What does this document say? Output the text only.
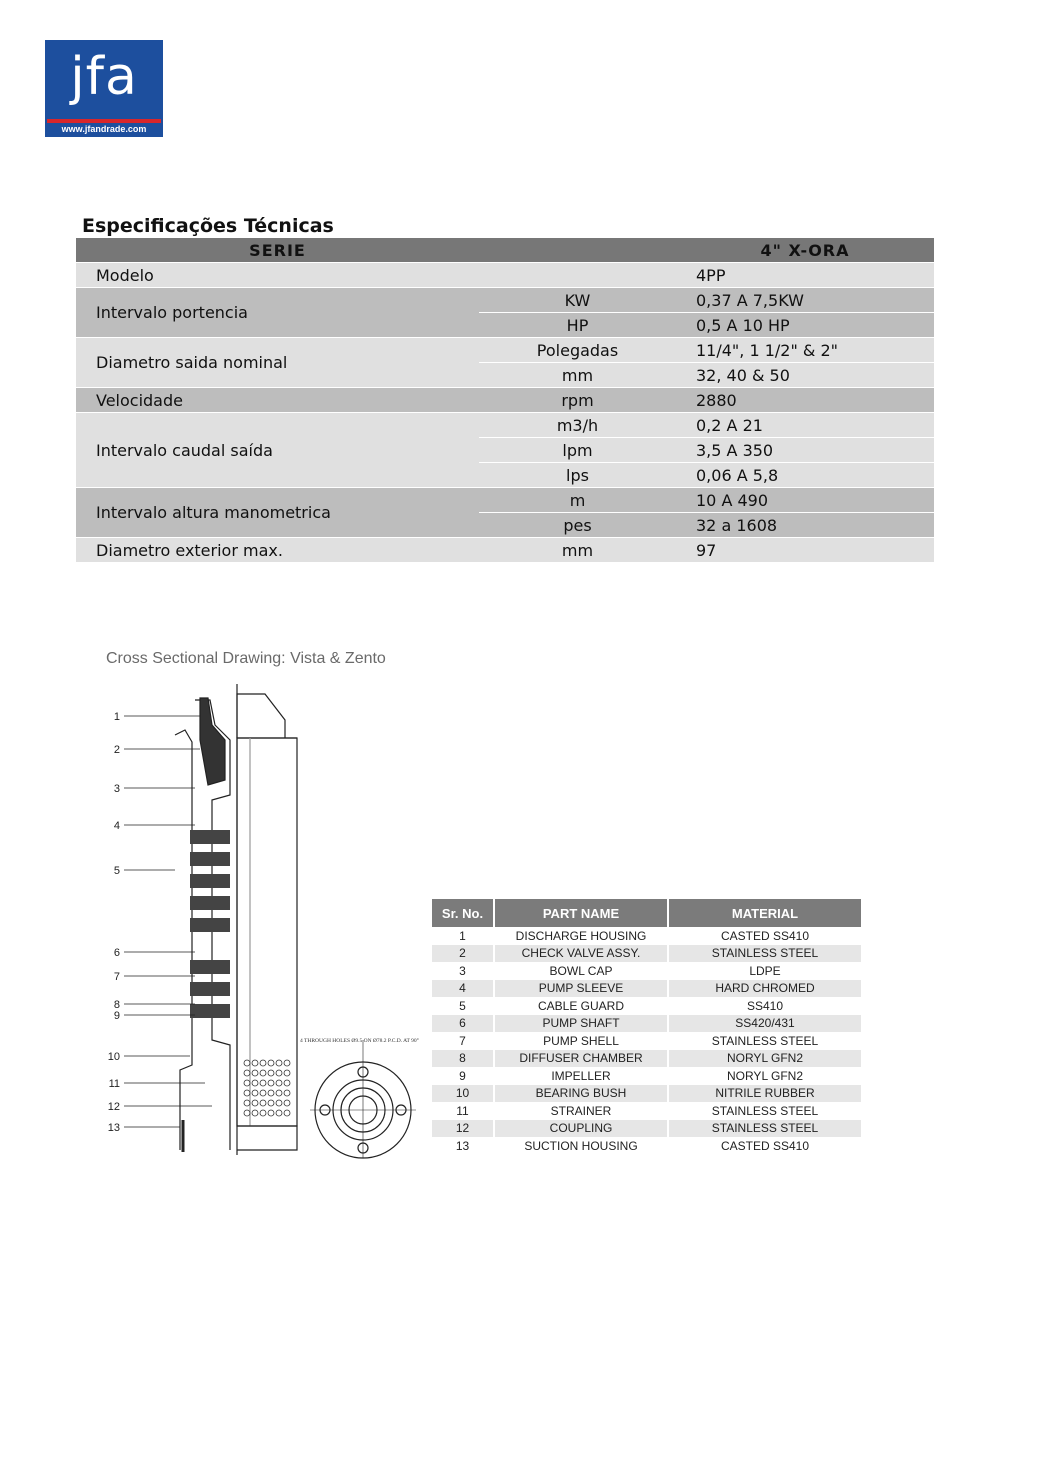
jfa
www.jfandrade.com
Especificações Técnicas
SERIE		4" X-ORA
Modelo		4PP
Intervalo portencia	KW	0,37 A 7,5KW
	HP	0,5 A 10 HP
Diametro saida nominal	Polegadas	11/4", 1 1/2" & 2"
	mm	32, 40 & 50
Velocidade	rpm	2880
Intervalo caudal saída	m3/h	0,2 A 21
	lpm	3,5 A 350
	lps	0,06 A 5,8
Intervalo altura manometrica	m	10 A 490
	pes	32 a 1608
Diametro exterior max.	mm	97
Cross Sectional Drawing: Vista & Zento
1
2
3
4
5
6
7
8
9
10
11
12
13
4 THROUGH HOLES Ø9.5 ON Ø78.2 P.C.D. AT 90°
Sr. No.	PART NAME	MATERIAL
1	DISCHARGE HOUSING	CASTED SS410
2	CHECK VALVE ASSY.	STAINLESS STEEL
3	BOWL CAP	LDPE
4	PUMP SLEEVE	HARD CHROMED
5	CABLE GUARD	SS410
6	PUMP SHAFT	SS420/431
7	PUMP SHELL	STAINLESS STEEL
8	DIFFUSER CHAMBER	NORYL GFN2
9	IMPELLER	NORYL GFN2
10	BEARING BUSH	NITRILE RUBBER
11	STRAINER	STAINLESS STEEL
12	COUPLING	STAINLESS STEEL
13	SUCTION HOUSING	CASTED SS410
